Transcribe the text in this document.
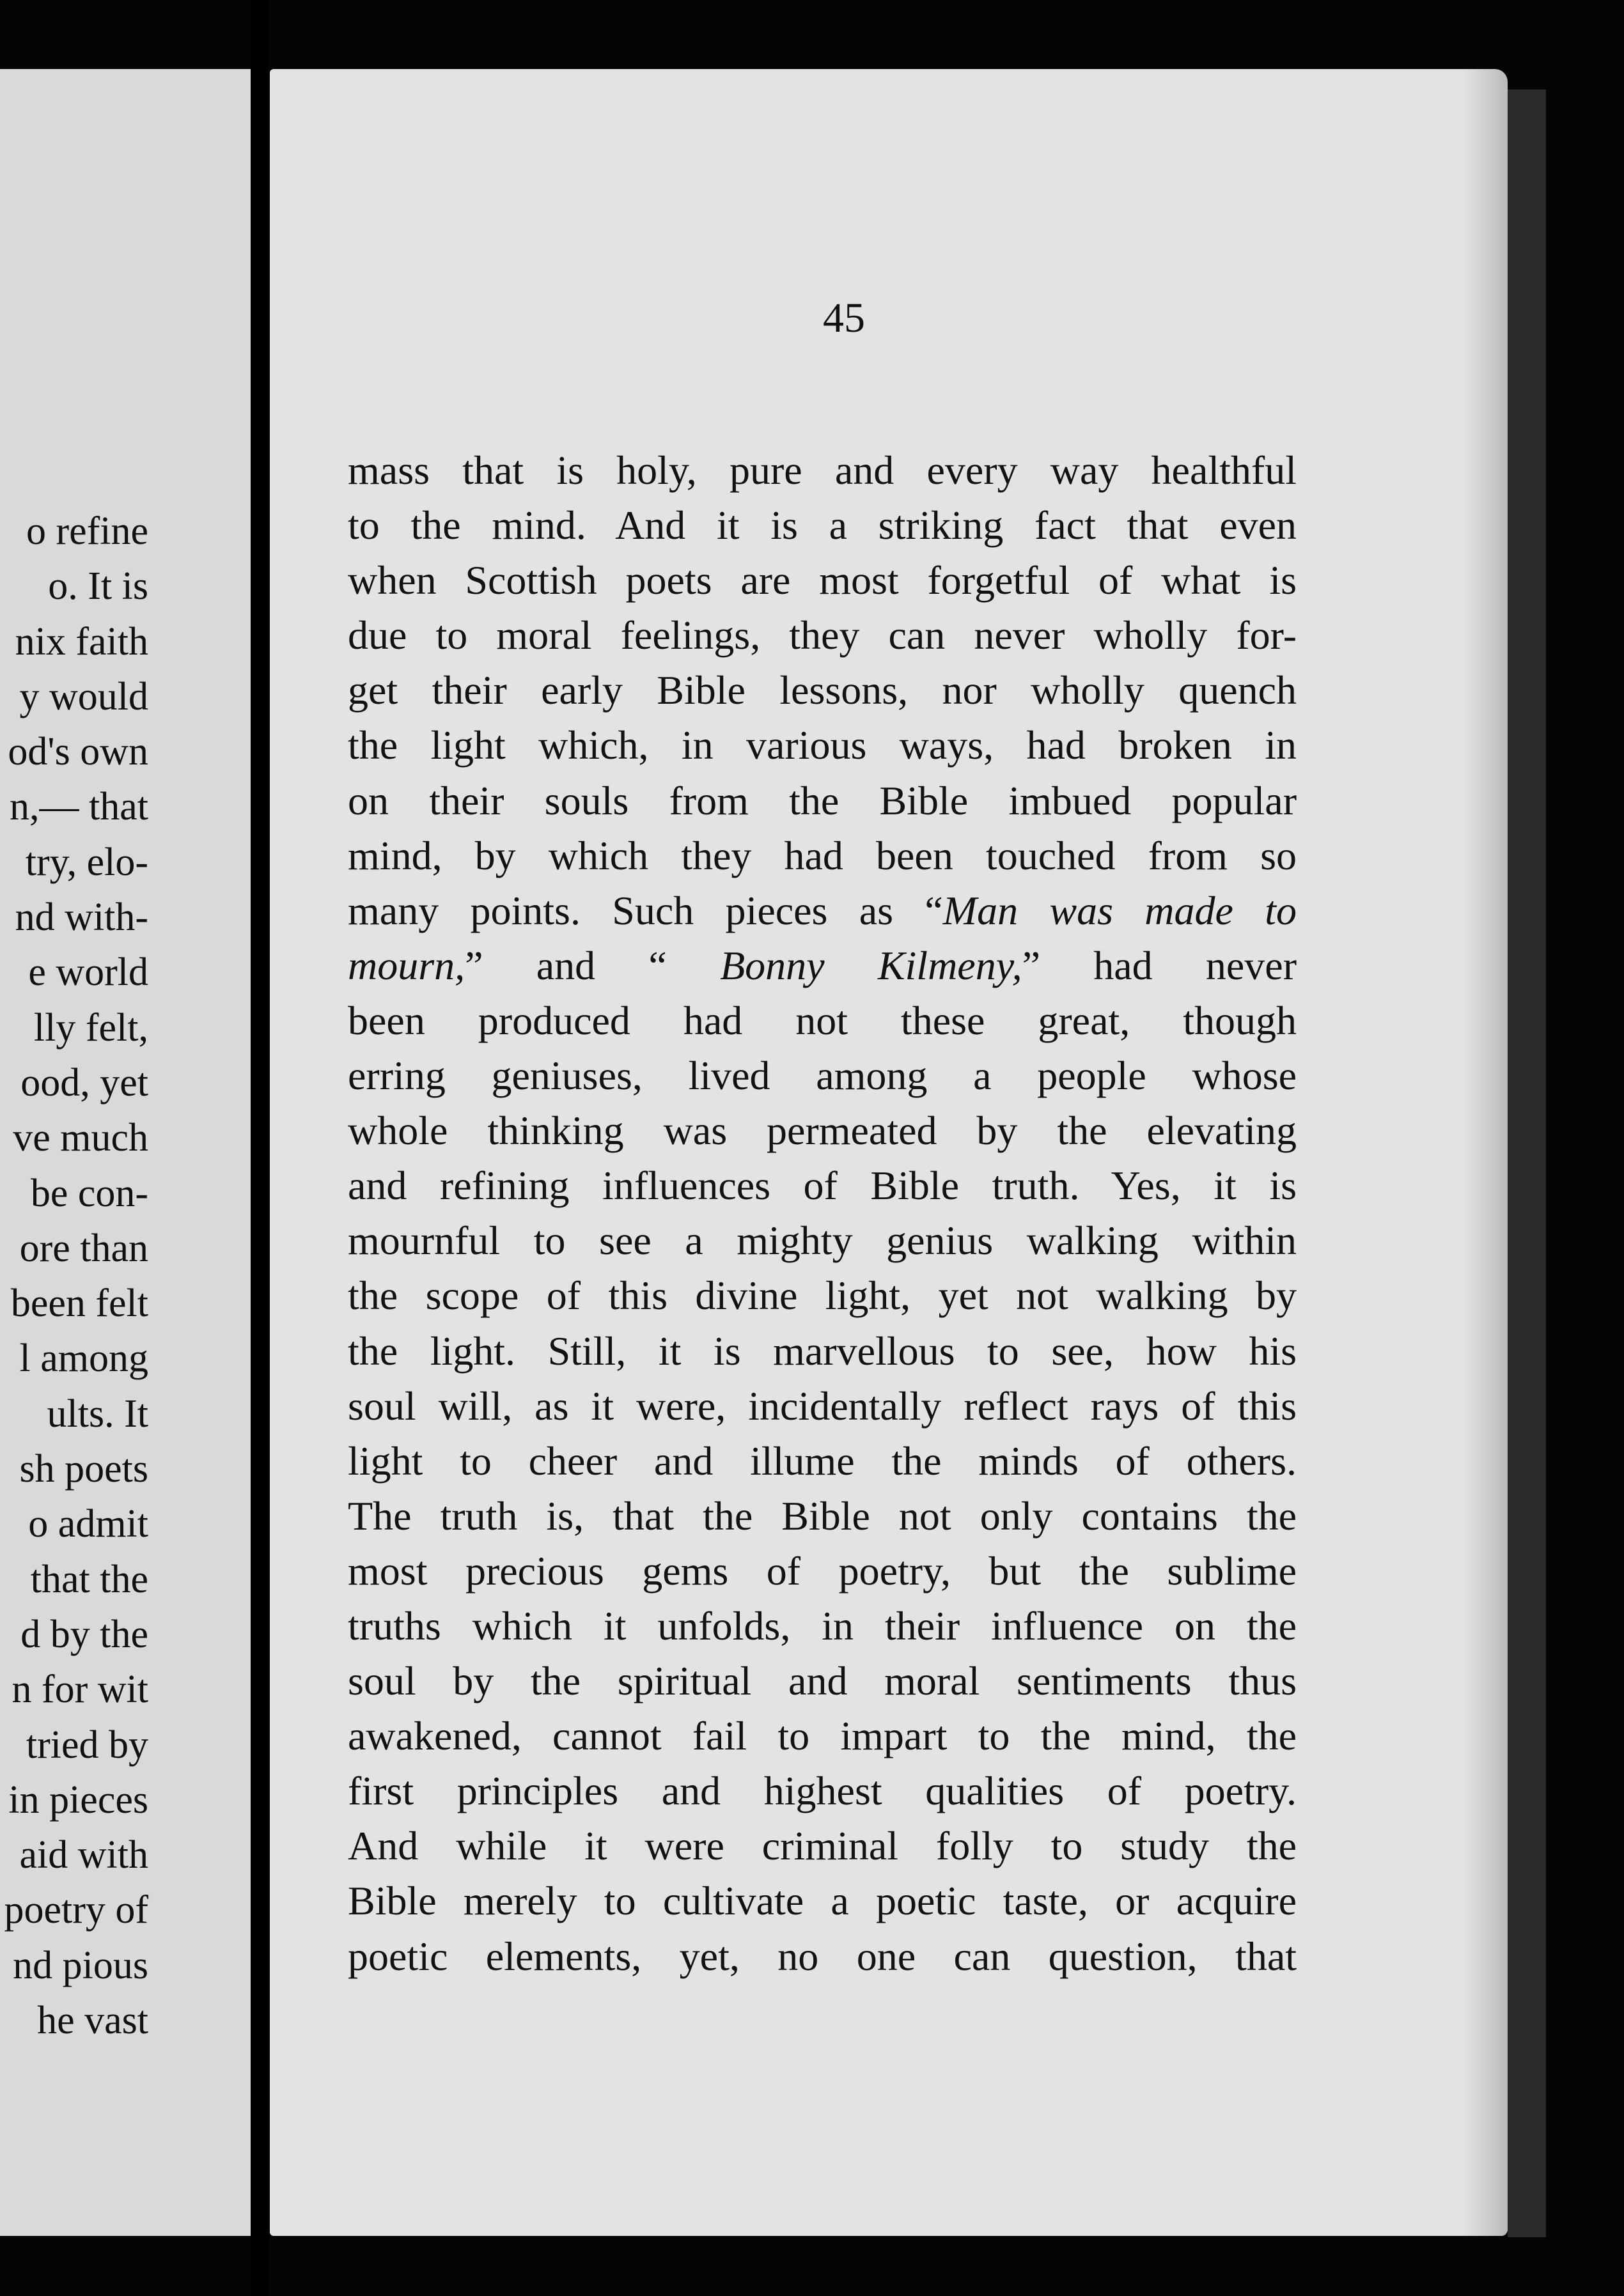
o refine
o. It is
nix faith
y would
od's own
n,— that
try, elo-
nd with-
e world
lly felt,
ood, yet
ve much
be con-
ore than
been felt
l among
ults. It
sh poets
o admit
that the
d by the
n for wit
tried by
in pieces
aid with
poetry of
nd pious
he vast
45
mass that is holy, pure and every way healthful
to the mind. And it is a striking fact that even
when Scottish poets are most forgetful of what is
due to moral feelings, they can never wholly for-
get their early Bible lessons, nor wholly quench
the light which, in various ways, had broken in
on their souls from the Bible imbued popular
mind, by which they had been touched from so
many points. Such pieces as “Man was made to
mourn,” and “ Bonny Kilmeny,” had never
been produced had not these great, though
erring geniuses, lived among a people whose
whole thinking was permeated by the elevating
and refining influences of Bible truth. Yes, it is
mournful to see a mighty genius walking within
the scope of this divine light, yet not walking by
the light. Still, it is marvellous to see, how his
soul will, as it were, incidentally reflect rays of this
light to cheer and illume the minds of others.
The truth is, that the Bible not only contains the
most precious gems of poetry, but the sublime
truths which it unfolds, in their influence on the
soul by the spiritual and moral sentiments thus
awakened, cannot fail to impart to the mind, the
first principles and highest qualities of poetry.
And while it were criminal folly to study the
Bible merely to cultivate a poetic taste, or acquire
poetic elements, yet, no one can question, that
